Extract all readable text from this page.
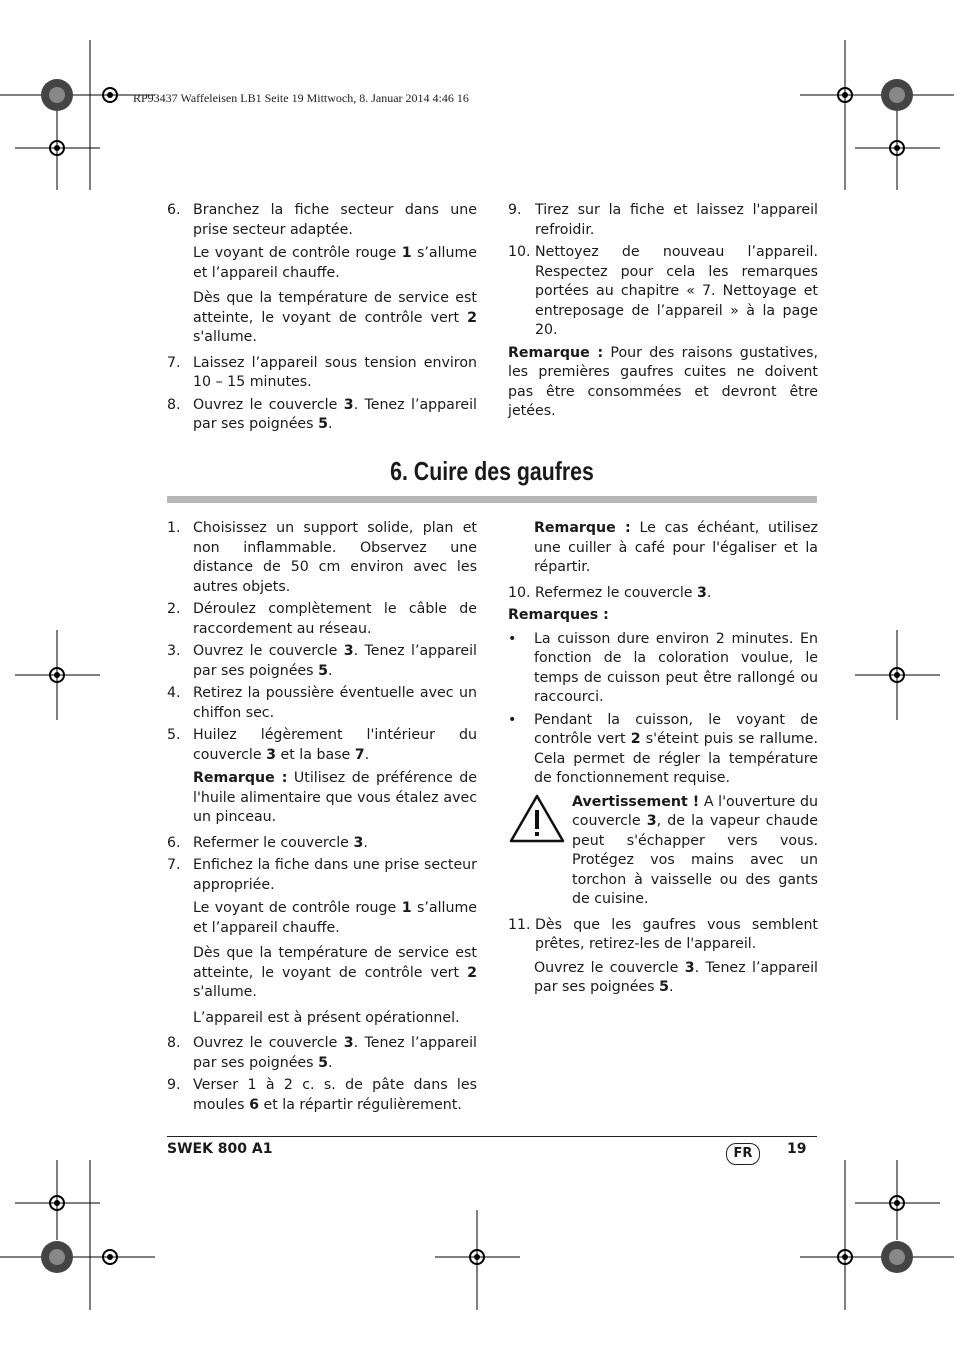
RP93437 Waffeleisen LB1 Seite 19 Mittwoch, 8. Januar 2014 4:46 16
6. Branchez la fiche secteur dans une prise secteur adaptée.
Le voyant de contrôle rouge 1 s’allume et l’appareil chauffe.
Dès que la température de service est atteinte, le voyant de contrôle vert 2 s'allume.
7. Laissez l’appareil sous tension environ 10 – 15 minutes.
8. Ouvrez le couvercle 3. Tenez l’appareil par ses poignées 5.
9. Tirez sur la fiche et laissez l'appareil refroidir.
10. Nettoyez de nouveau l’appareil. Respectez pour cela les remarques portées au chapitre « 7. Nettoyage et entreposage de l’appareil » à la page 20.
Remarque : Pour des raisons gustatives, les premières gaufres cuites ne doivent pas être consommées et devront être jetées.
6. Cuire des gaufres
1. Choisissez un support solide, plan et non inflammable. Observez une distance de 50 cm environ avec les autres objets.
2. Déroulez complètement le câble de raccordement au réseau.
3. Ouvrez le couvercle 3. Tenez l’appareil par ses poignées 5.
4. Retirez la poussière éventuelle avec un chiffon sec.
5. Huilez légèrement l'intérieur du couvercle 3 et la base 7.
Remarque : Utilisez de préférence de l'huile alimentaire que vous étalez avec un pinceau.
6. Refermer le couvercle 3.
7. Enfichez la fiche dans une prise secteur appropriée.
Le voyant de contrôle rouge 1 s’allume et l’appareil chauffe.
Dès que la température de service est atteinte, le voyant de contrôle vert 2 s'allume.
L’appareil est à présent opérationnel.
8. Ouvrez le couvercle 3. Tenez l’appareil par ses poignées 5.
9. Verser 1 à 2 c. s. de pâte dans les moules 6 et la répartir régulièrement.
Remarque : Le cas échéant, utilisez une cuiller à café pour l'égaliser et la répartir.
10. Refermez le couvercle 3.
Remarques :
•	La cuisson dure environ 2 minutes. En fonction de la coloration voulue, le temps de cuisson peut être rallongé ou raccourci.
•	Pendant la cuisson, le voyant de contrôle vert 2 s'éteint puis se rallume. Cela permet de régler la température de fonctionnement requise.
Avertissement ! A l'ouverture du couvercle 3, de la vapeur chaude peut s'échapper vers vous. Protégez vos mains avec un torchon à vaisselle ou des gants de cuisine.
11. Dès que les gaufres vous semblent prêtes, retirez-les de l'appareil.
Ouvrez le couvercle 3. Tenez l’appareil par ses poignées 5.
SWEK 800 A1	FR	19
